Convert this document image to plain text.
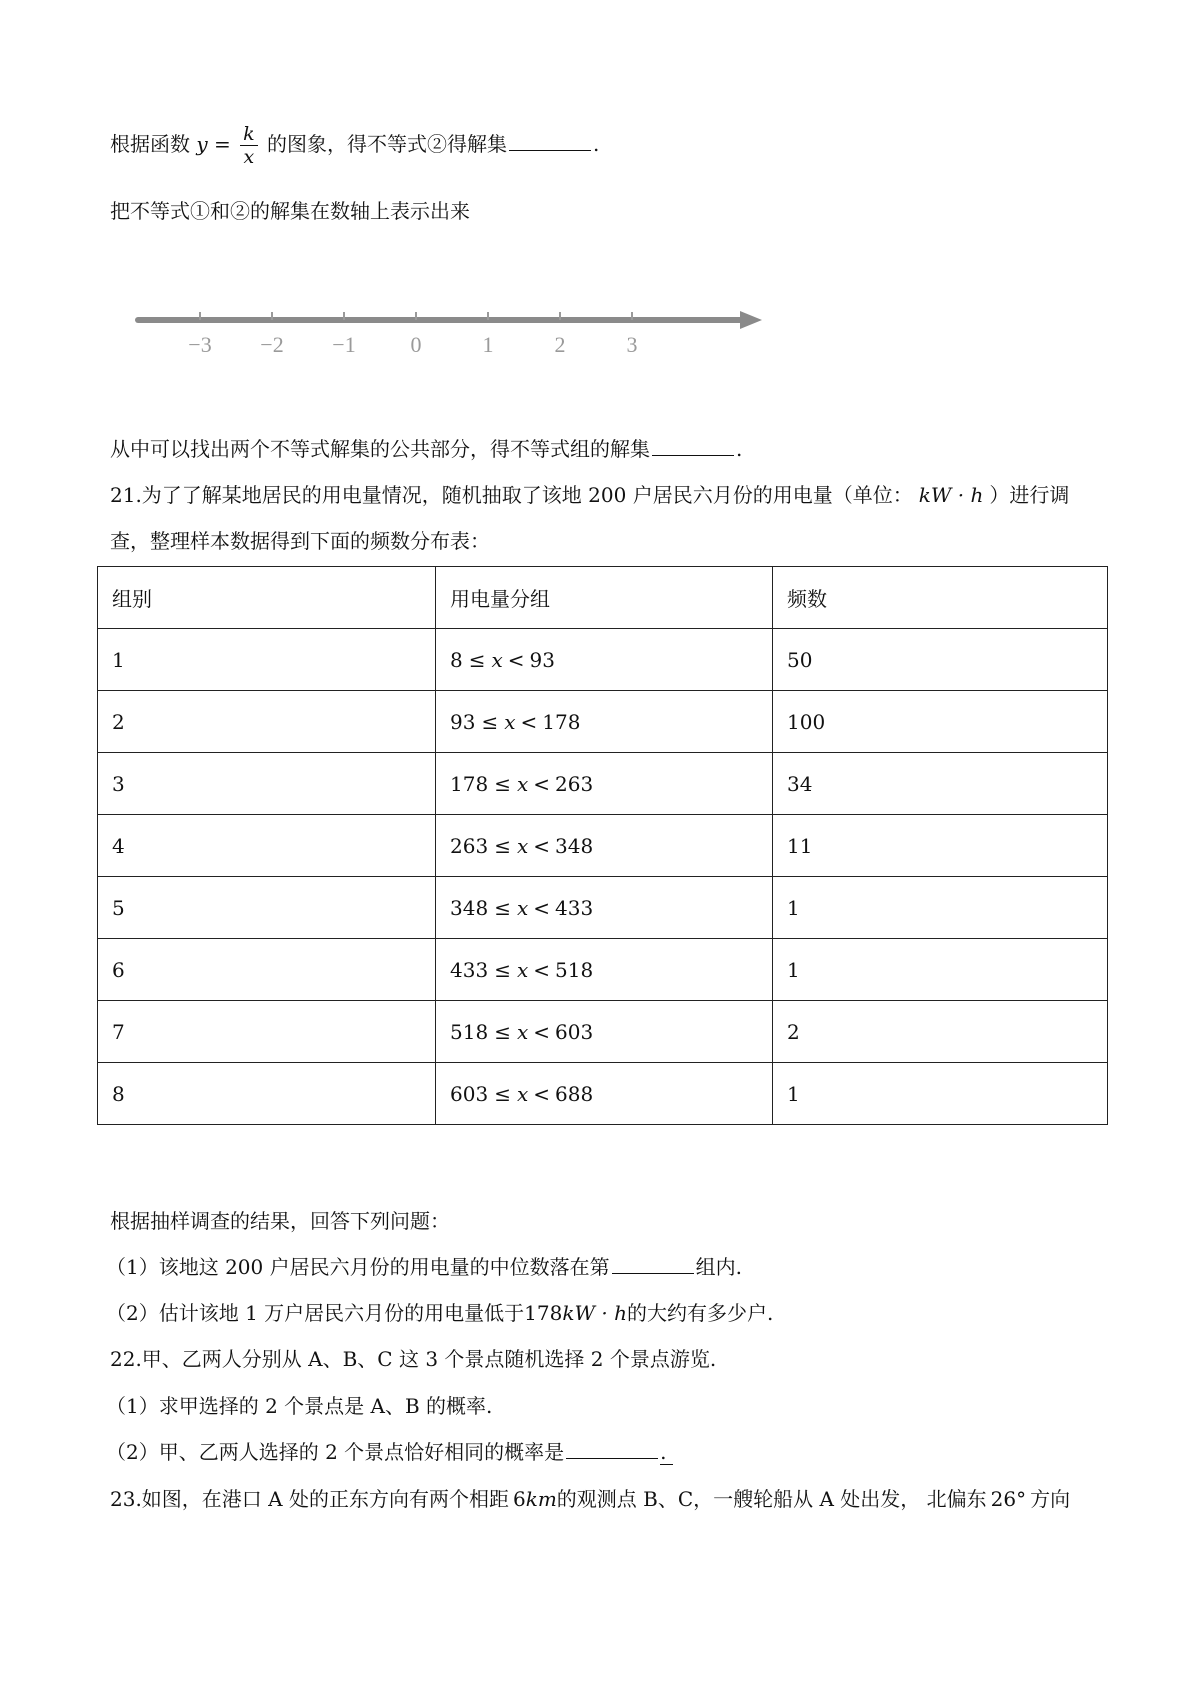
根据函数 $y = \frac{k}{x}$ 的图象，得不等式②得解集	.
把不等式①和②的解集在数轴上表示出来
−3 −2 −1 0	1	2	3
从中可以找出两个不等式解集的公共部分，得不等式组的解集	.
21.为了了解某地居民的用电量情况，随机抽取了该地 200 户居民六月份的用电量（单位： kW · h ）进行调
查，整理样本数据得到下面的频数分布表：
组别	用电量分组	频数
1	8 ≤ x < 93	50
2	93 ≤ x < 178	100
3	178 ≤ x < 263	34
4	263 ≤ x < 348	11
5	348 ≤ x < 433	1
6	433 ≤ x < 518	1
7	518 ≤ x < 603	2
8	603 ≤ x < 688	1
根据抽样调查的结果，回答下列问题：
（1）该地这 200 户居民六月份的用电量的中位数落在第	组内.
（2）估计该地 1 万户居民六月份的用电量低于178kW · h的大约有多少户.
22.甲、乙两人分别从 A、B、C 这 3 个景点随机选择 2 个景点游览.
（1）求甲选择的 2 个景点是 A、B 的概率.
（2）甲、乙两人选择的 2 个景点恰好相同的概率是	.
23.如图，在港口 A 处的正东方向有两个相距 6km的观测点 B、C，一艘轮船从 A 处出发， 北偏东 26° 方向
